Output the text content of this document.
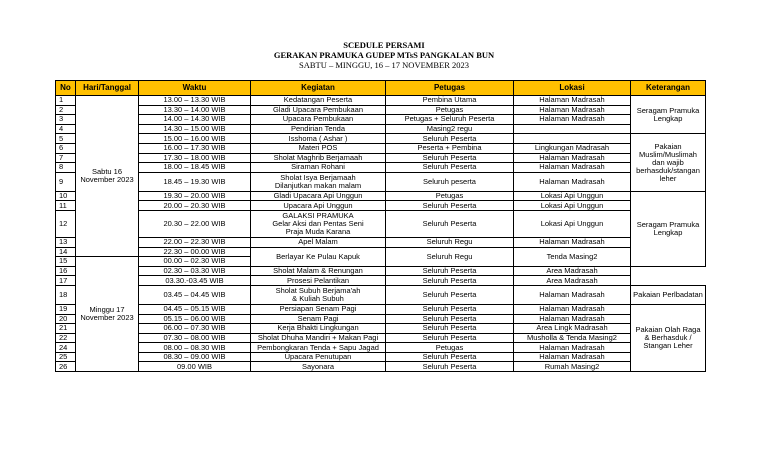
SCEDULE PERSAMI
GERAKAN PRAMUKA GUDEP MTsS PANGKALAN BUN
SABTU – MINGGU, 16 – 17 NOVEMBER 2023
No	Hari/Tanggal	Waktu	Kegiatan	Petugas	Lokasi	Keterangan
1	Sabtu 16 November 2023	13.00 – 13.30 WIB	Kedatangan Peserta	Pembina Utama	Halaman Madrasah	Seragam Pramuka Lengkap
2		13.30 – 14.00 WIB	Gladi Upacara Pembukaan	Petugas	Halaman Madrasah	
3		14.00 – 14.30 WIB	Upacara Pembukaan	Petugas + Seluruh Peserta	Halaman Madrasah	
4		14.30 – 15.00 WIB	Pendirian Tenda	Masing2 regu		
5		15.00 – 16.00 WIB	Isshoma ( Ashar )	Seluruh Peserta		Pakaian Muslim/Muslimah dan wajib berhasduk/stangan leher
6		16.00 – 17.30 WIB	Materi POS	Peserta + Pembina	Lingkungan Madrasah	
7		17.30 – 18.00 WIB	Sholat Maghrib Berjamaah	Seluruh Peserta	Halaman Madrasah	
8		18.00 – 18.45 WIB	Siraman Rohani	Seluruh Peserta	Halaman Madrasah	
9		18.45 – 19.30 WIB	Sholat Isya Berjamaah
Dilanjutkan makan malam	Seluruh peserta	Halaman Madrasah	
10		19.30 – 20.00 WIB	Gladi Upacara Api Unggun	Petugas	Lokasi Api Unggun	Seragam Pramuka Lengkap
11		20.00 – 20.30 WIB	Upacara Api Unggun	Seluruh Peserta	Lokasi Api Unggun	
12		20.30 – 22.00 WIB	GALAKSI PRAMUKA
Gelar Aksi dan Pentas Seni
Praja Muda Karana	Seluruh Peserta	Lokasi Api Unggun	
13		22.00 – 22.30 WIB	Apel Malam	Seluruh Regu	Halaman Madrasah	
14		22.30 – 00.00 WIB	Berlayar Ke Pulau Kapuk	Seluruh Regu	Tenda Masing2	
15	Minggu 17 November 2023	00.00 – 02.30 WIB				
16		02.30 – 03.30 WIB	Sholat Malam & Renungan	Seluruh Peserta	Area Madrasah	
17		03.30.-03.45 WIB	Prosesi Pelantikan	Seluruh Peserta	Area Madrasah	
18		03.45 – 04.45 WIB	Sholat Subuh Berjama'ah
& Kuliah Subuh	Seluruh Peserta	Halaman Madrasah	Pakaian Perlbadatan
19		04.45 – 05.15 WIB	Persiapan Senam Pagi	Seluruh Peserta	Halaman Madrasah	Pakaian Olah Raga & Berhasduk / Stangan Leher
20		05.15 – 06.00 WIB	Senam Pagi	Seluruh Peserta	Halaman Madrasah	
21		06.00 – 07.30 WIB	Kerja Bhakti Lingkungan	Seluruh Peserta	Area Lingk Madrasah	
22		07.30 – 08.00 WIB	Sholat Dhuha Mandiri + Makan Pagi	Seluruh Peserta	Musholla & Tenda Masing2	
24		08.00 – 08.30 WIB	Pembongkaran Tenda + Sapu Jagad	Petugas	Halaman Madrasah	
25		08.30 – 09.00 WIB	Upacara Penutupan	Seluruh Peserta	Halaman Madrasah	
26		09.00 WIB	Sayonara	Seluruh Peserta	Rumah Masing2	
